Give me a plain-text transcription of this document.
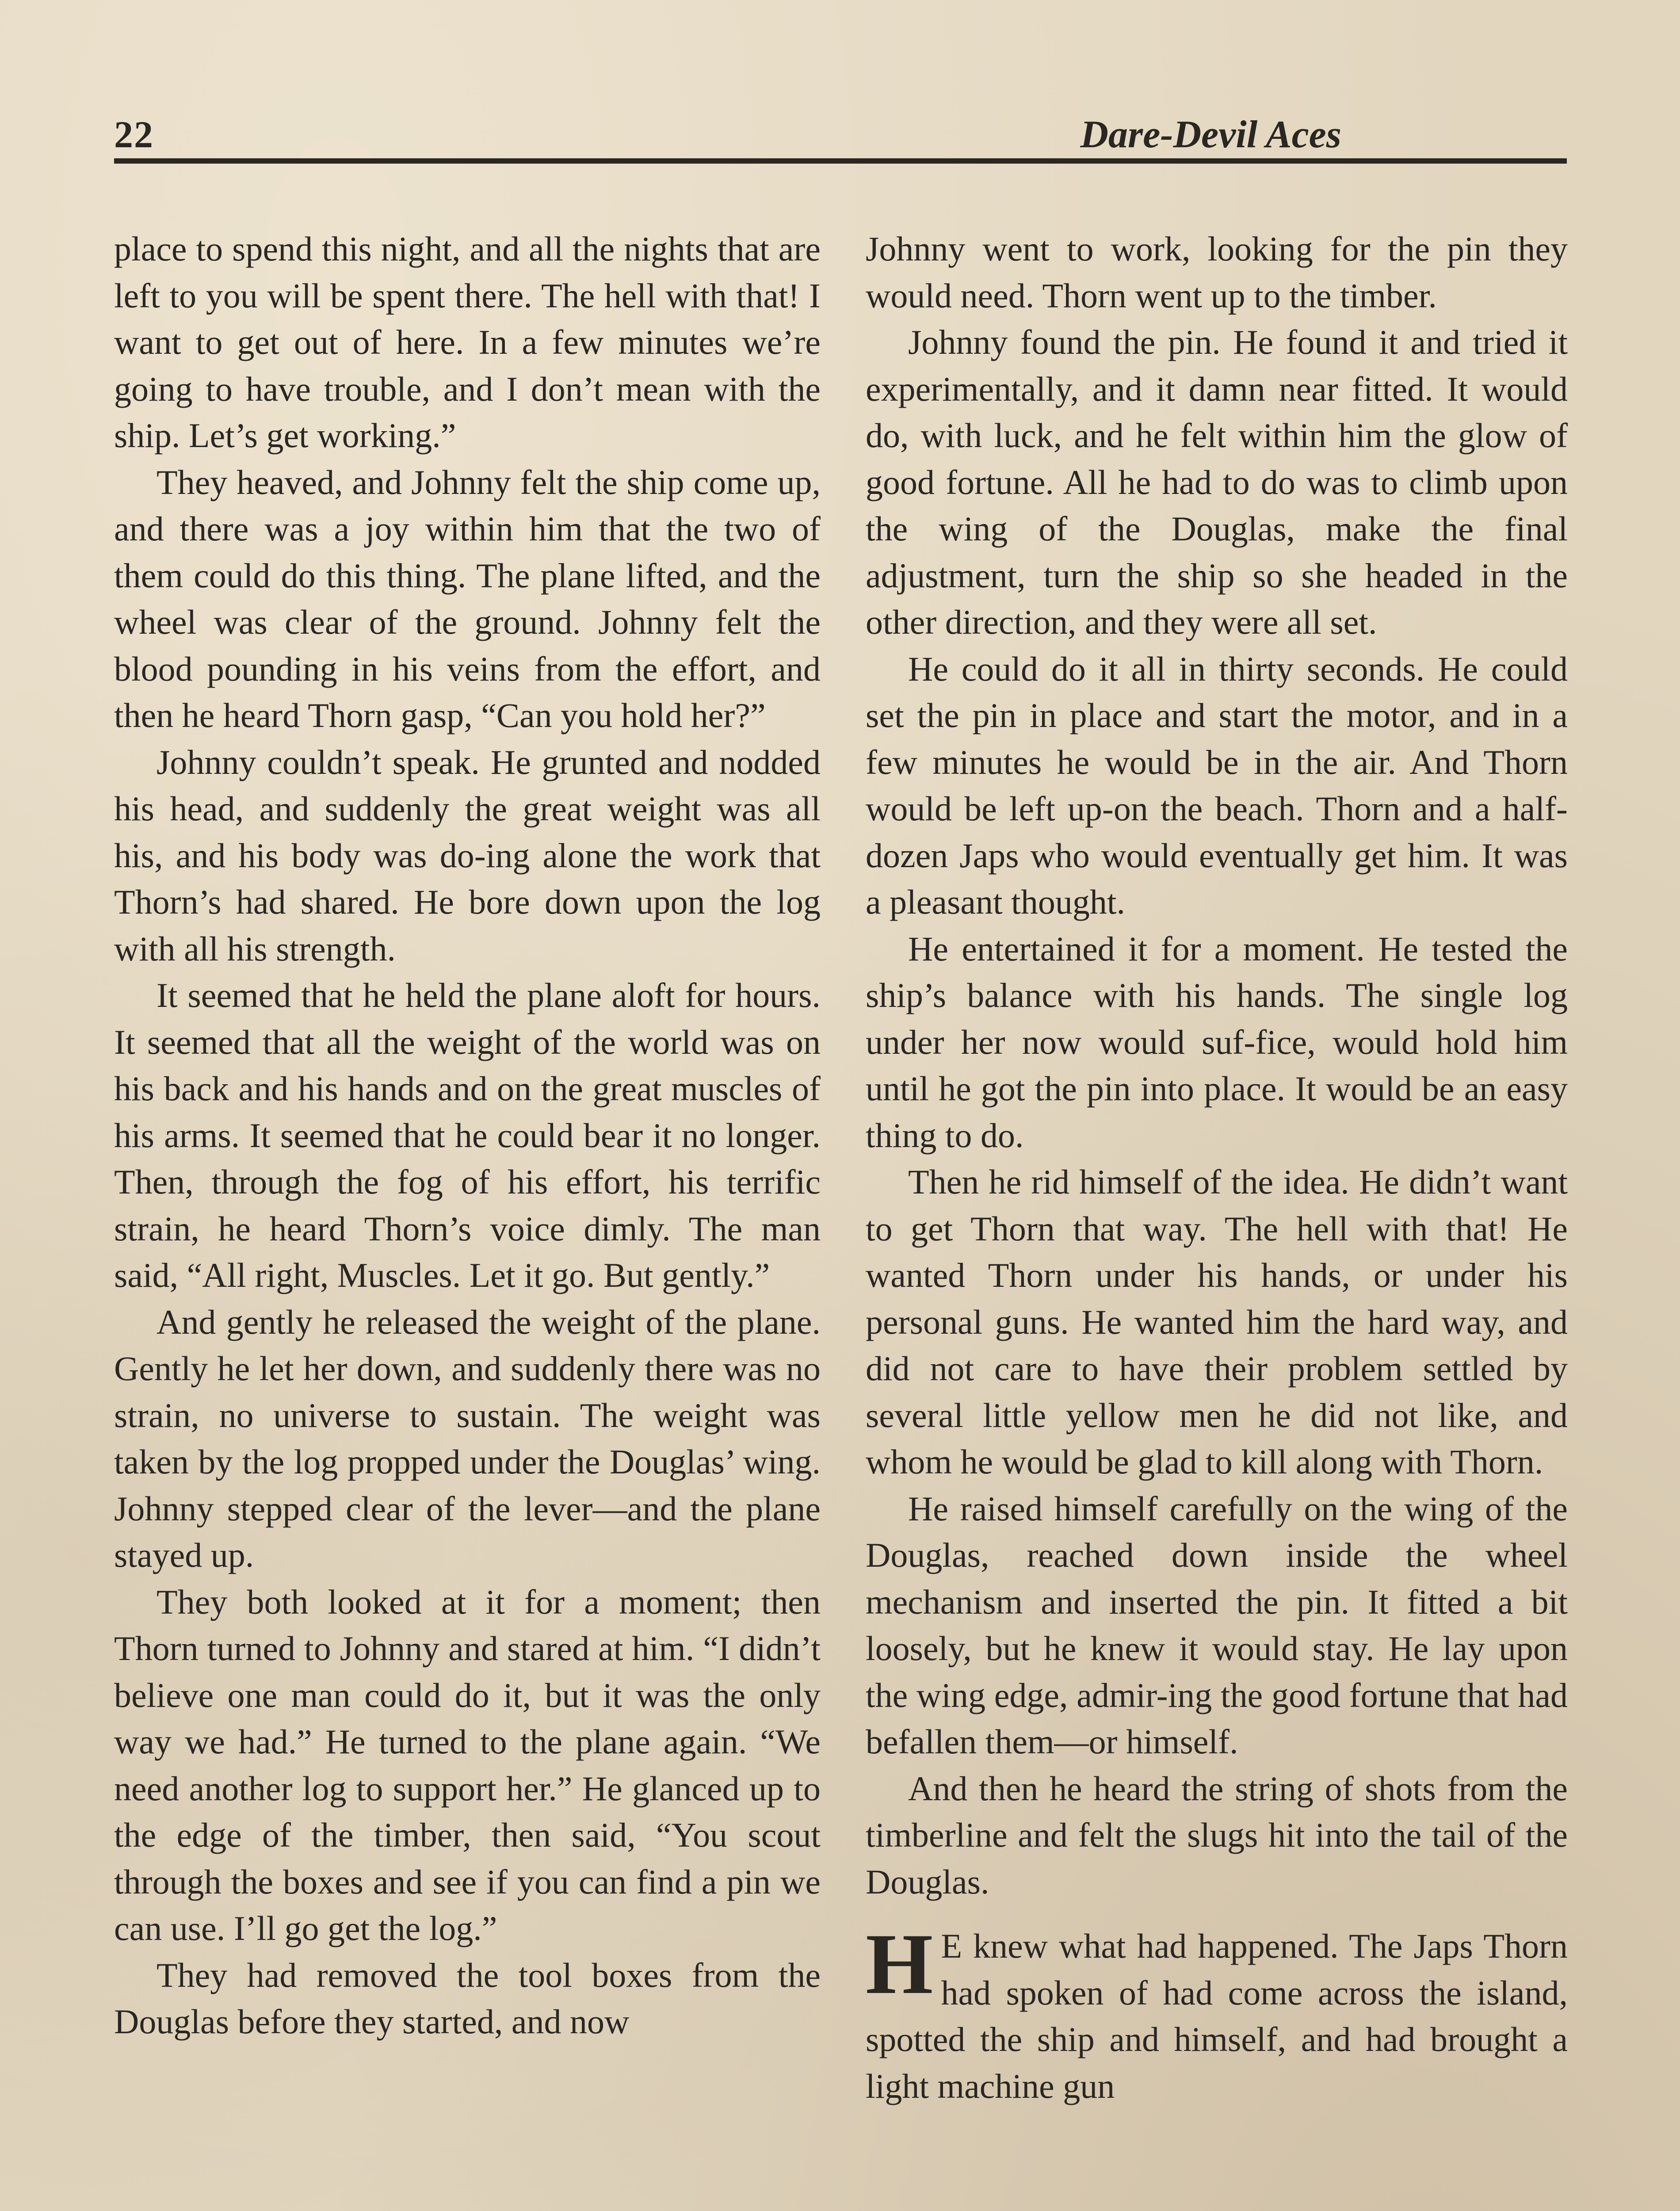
22	Dare-Devil Aces

place to spend this night, and all the nights that are left to you will be spent there. The hell with that! I want to get out of here. In a few minutes we’re going to have trouble, and I don’t mean with the ship. Let’s get working.”

They heaved, and Johnny felt the ship come up, and there was a joy within him that the two of them could do this thing. The plane lifted, and the wheel was clear of the ground. Johnny felt the blood pounding in his veins from the effort, and then he heard Thorn gasp, “Can you hold her?”

Johnny couldn’t speak. He grunted and nodded his head, and suddenly the great weight was all his, and his body was do-ing alone the work that Thorn’s had shared. He bore down upon the log with all his strength.

It seemed that he held the plane aloft for hours. It seemed that all the weight of the world was on his back and his hands and on the great muscles of his arms. It seemed that he could bear it no longer. Then, through the fog of his effort, his terrific strain, he heard Thorn’s voice dimly. The man said, “All right, Muscles. Let it go. But gently.”

And gently he released the weight of the plane. Gently he let her down, and suddenly there was no strain, no universe to sustain. The weight was taken by the log propped under the Douglas’ wing. Johnny stepped clear of the lever—and the plane stayed up.

They both looked at it for a moment; then Thorn turned to Johnny and stared at him. “I didn’t believe one man could do it, but it was the only way we had.” He turned to the plane again. “We need another log to support her.” He glanced up to the edge of the timber, then said, “You scout through the boxes and see if you can find a pin we can use. I’ll go get the log.”

They had removed the tool boxes from the Douglas before they started, and now

Johnny went to work, looking for the pin they would need. Thorn went up to the timber.

Johnny found the pin. He found it and tried it experimentally, and it damn near fitted. It would do, with luck, and he felt within him the glow of good fortune. All he had to do was to climb upon the wing of the Douglas, make the final adjustment, turn the ship so she headed in the other direction, and they were all set.

He could do it all in thirty seconds. He could set the pin in place and start the motor, and in a few minutes he would be in the air. And Thorn would be left up-on the beach. Thorn and a half-dozen Japs who would eventually get him. It was a pleasant thought.

He entertained it for a moment. He tested the ship’s balance with his hands. The single log under her now would suf-fice, would hold him until he got the pin into place. It would be an easy thing to do.

Then he rid himself of the idea. He didn’t want to get Thorn that way. The hell with that! He wanted Thorn under his hands, or under his personal guns. He wanted him the hard way, and did not care to have their problem settled by several little yellow men he did not like, and whom he would be glad to kill along with Thorn.

He raised himself carefully on the wing of the Douglas, reached down inside the wheel mechanism and inserted the pin. It fitted a bit loosely, but he knew it would stay. He lay upon the wing edge, admir-ing the good fortune that had befallen them—or himself.

And then he heard the string of shots from the timberline and felt the slugs hit into the tail of the Douglas.

H E knew what had happened. The Japs Thorn had spoken of had come across the island, spotted the ship and himself, and had brought a light machine gun
